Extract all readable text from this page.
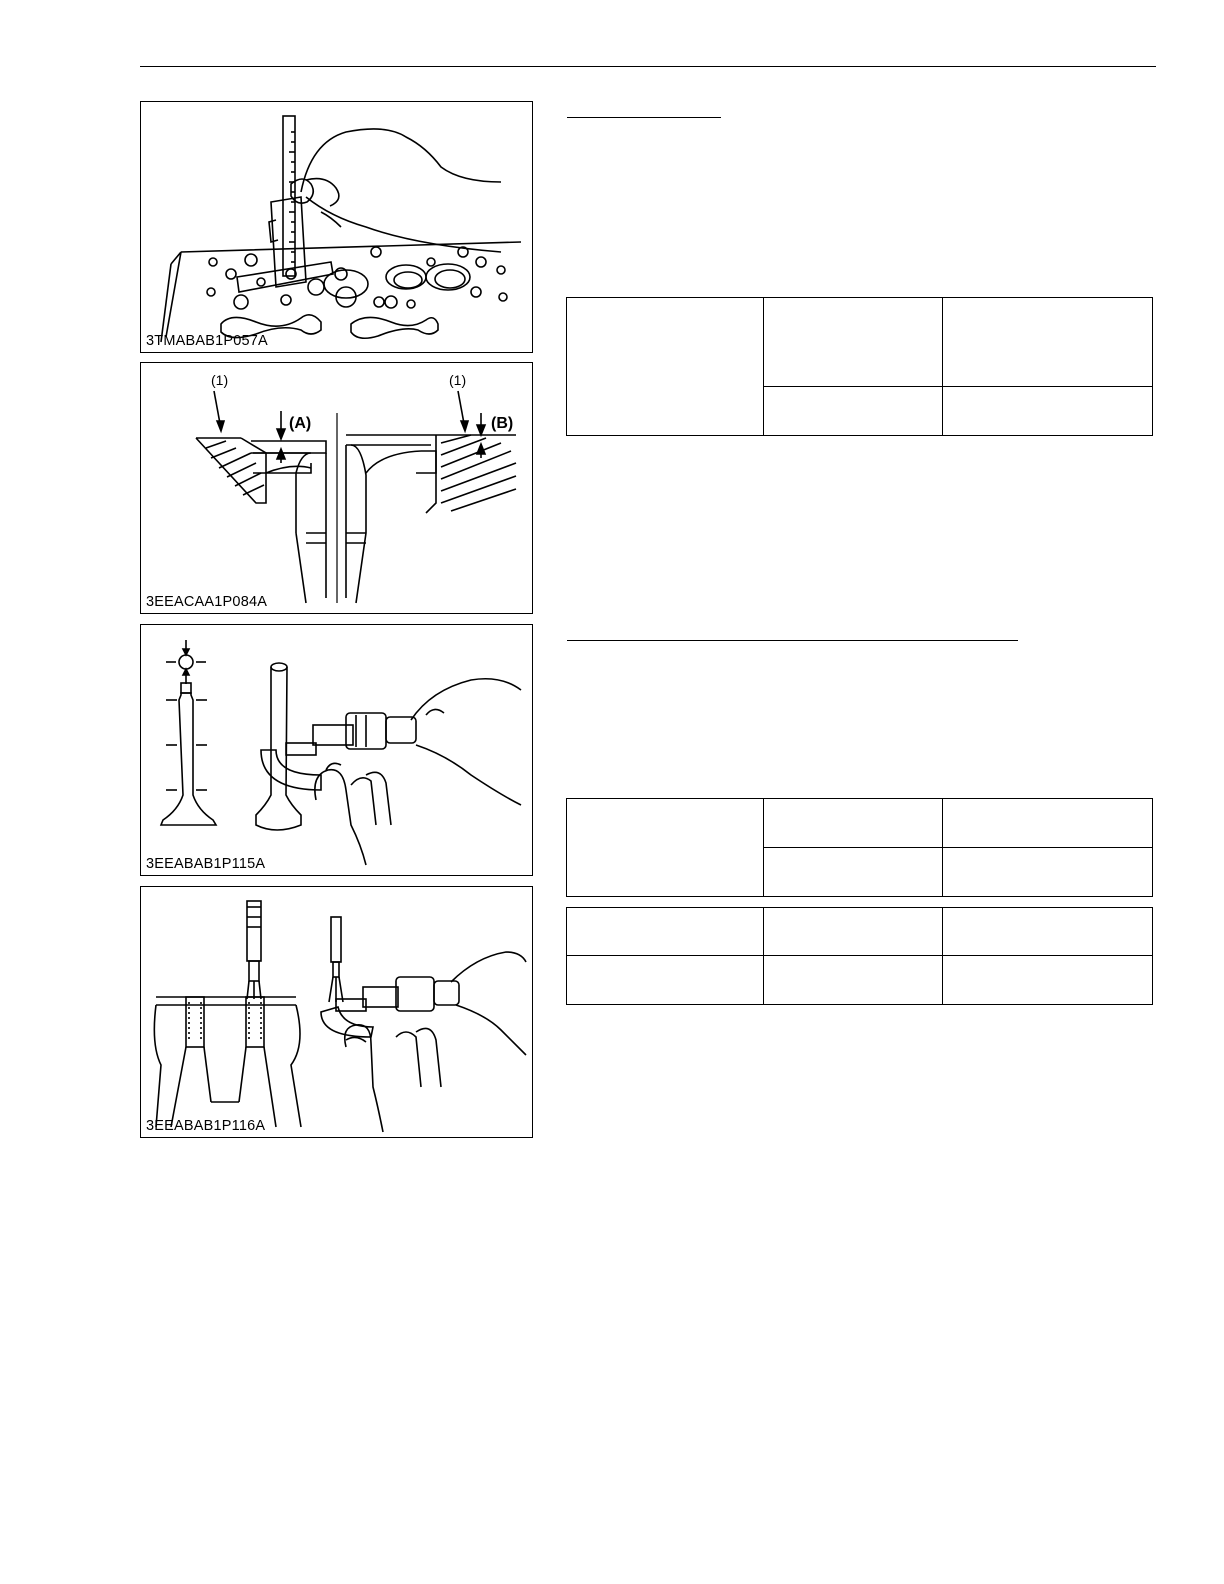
3TMABAB1P057A
(1)	(1)
(A)	(B)
3EEACAA1P084A
3EEABAB1P115A
3EEABAB1P116A
